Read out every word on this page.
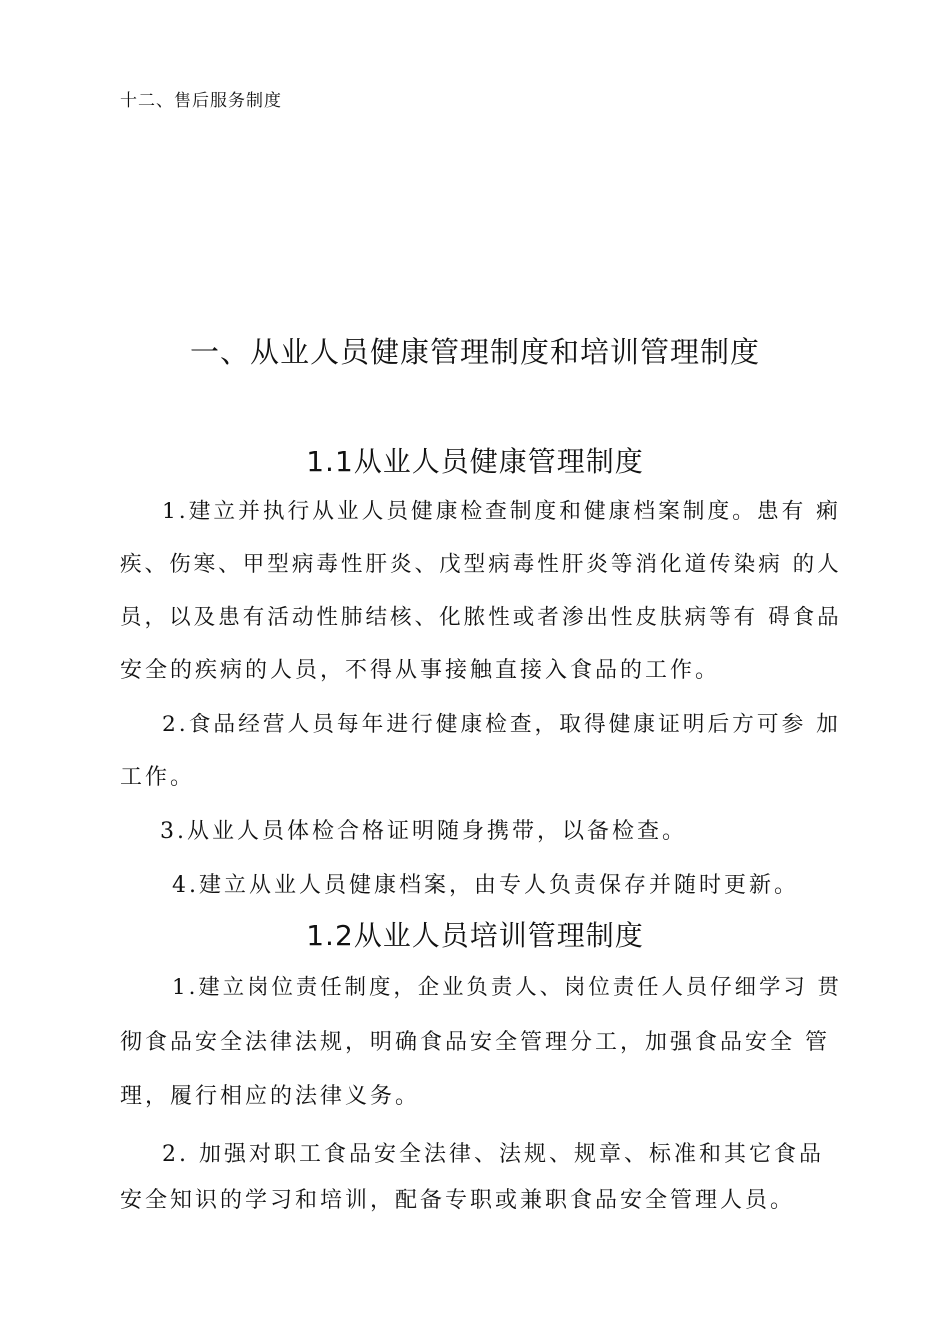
十二、售后服务制度
一、从业人员健康管理制度和培训管理制度
1.1从业人员健康管理制度
1.建立并执行从业人员健康检查制度和健康档案制度。患有 痢
疾、伤寒、甲型病毒性肝炎、戊型病毒性肝炎等消化道传染病 的人
员，以及患有活动性肺结核、化脓性或者渗出性皮肤病等有 碍食品
安全的疾病的人员，不得从事接触直接入食品的工作。
2.食品经营人员每年进行健康检查，取得健康证明后方可参 加
工作。
3.从业人员体检合格证明随身携带，以备检查。
4.建立从业人员健康档案，由专人负责保存并随时更新。
1.2从业人员培训管理制度
1.建立岗位责任制度，企业负责人、岗位责任人员仔细学习 贯
彻食品安全法律法规，明确食品安全管理分工，加强食品安全 管
理，履行相应的法律义务。
2. 加强对职工食品安全法律、法规、规章、标准和其它食品
安全知识的学习和培训，配备专职或兼职食品安全管理人员。
